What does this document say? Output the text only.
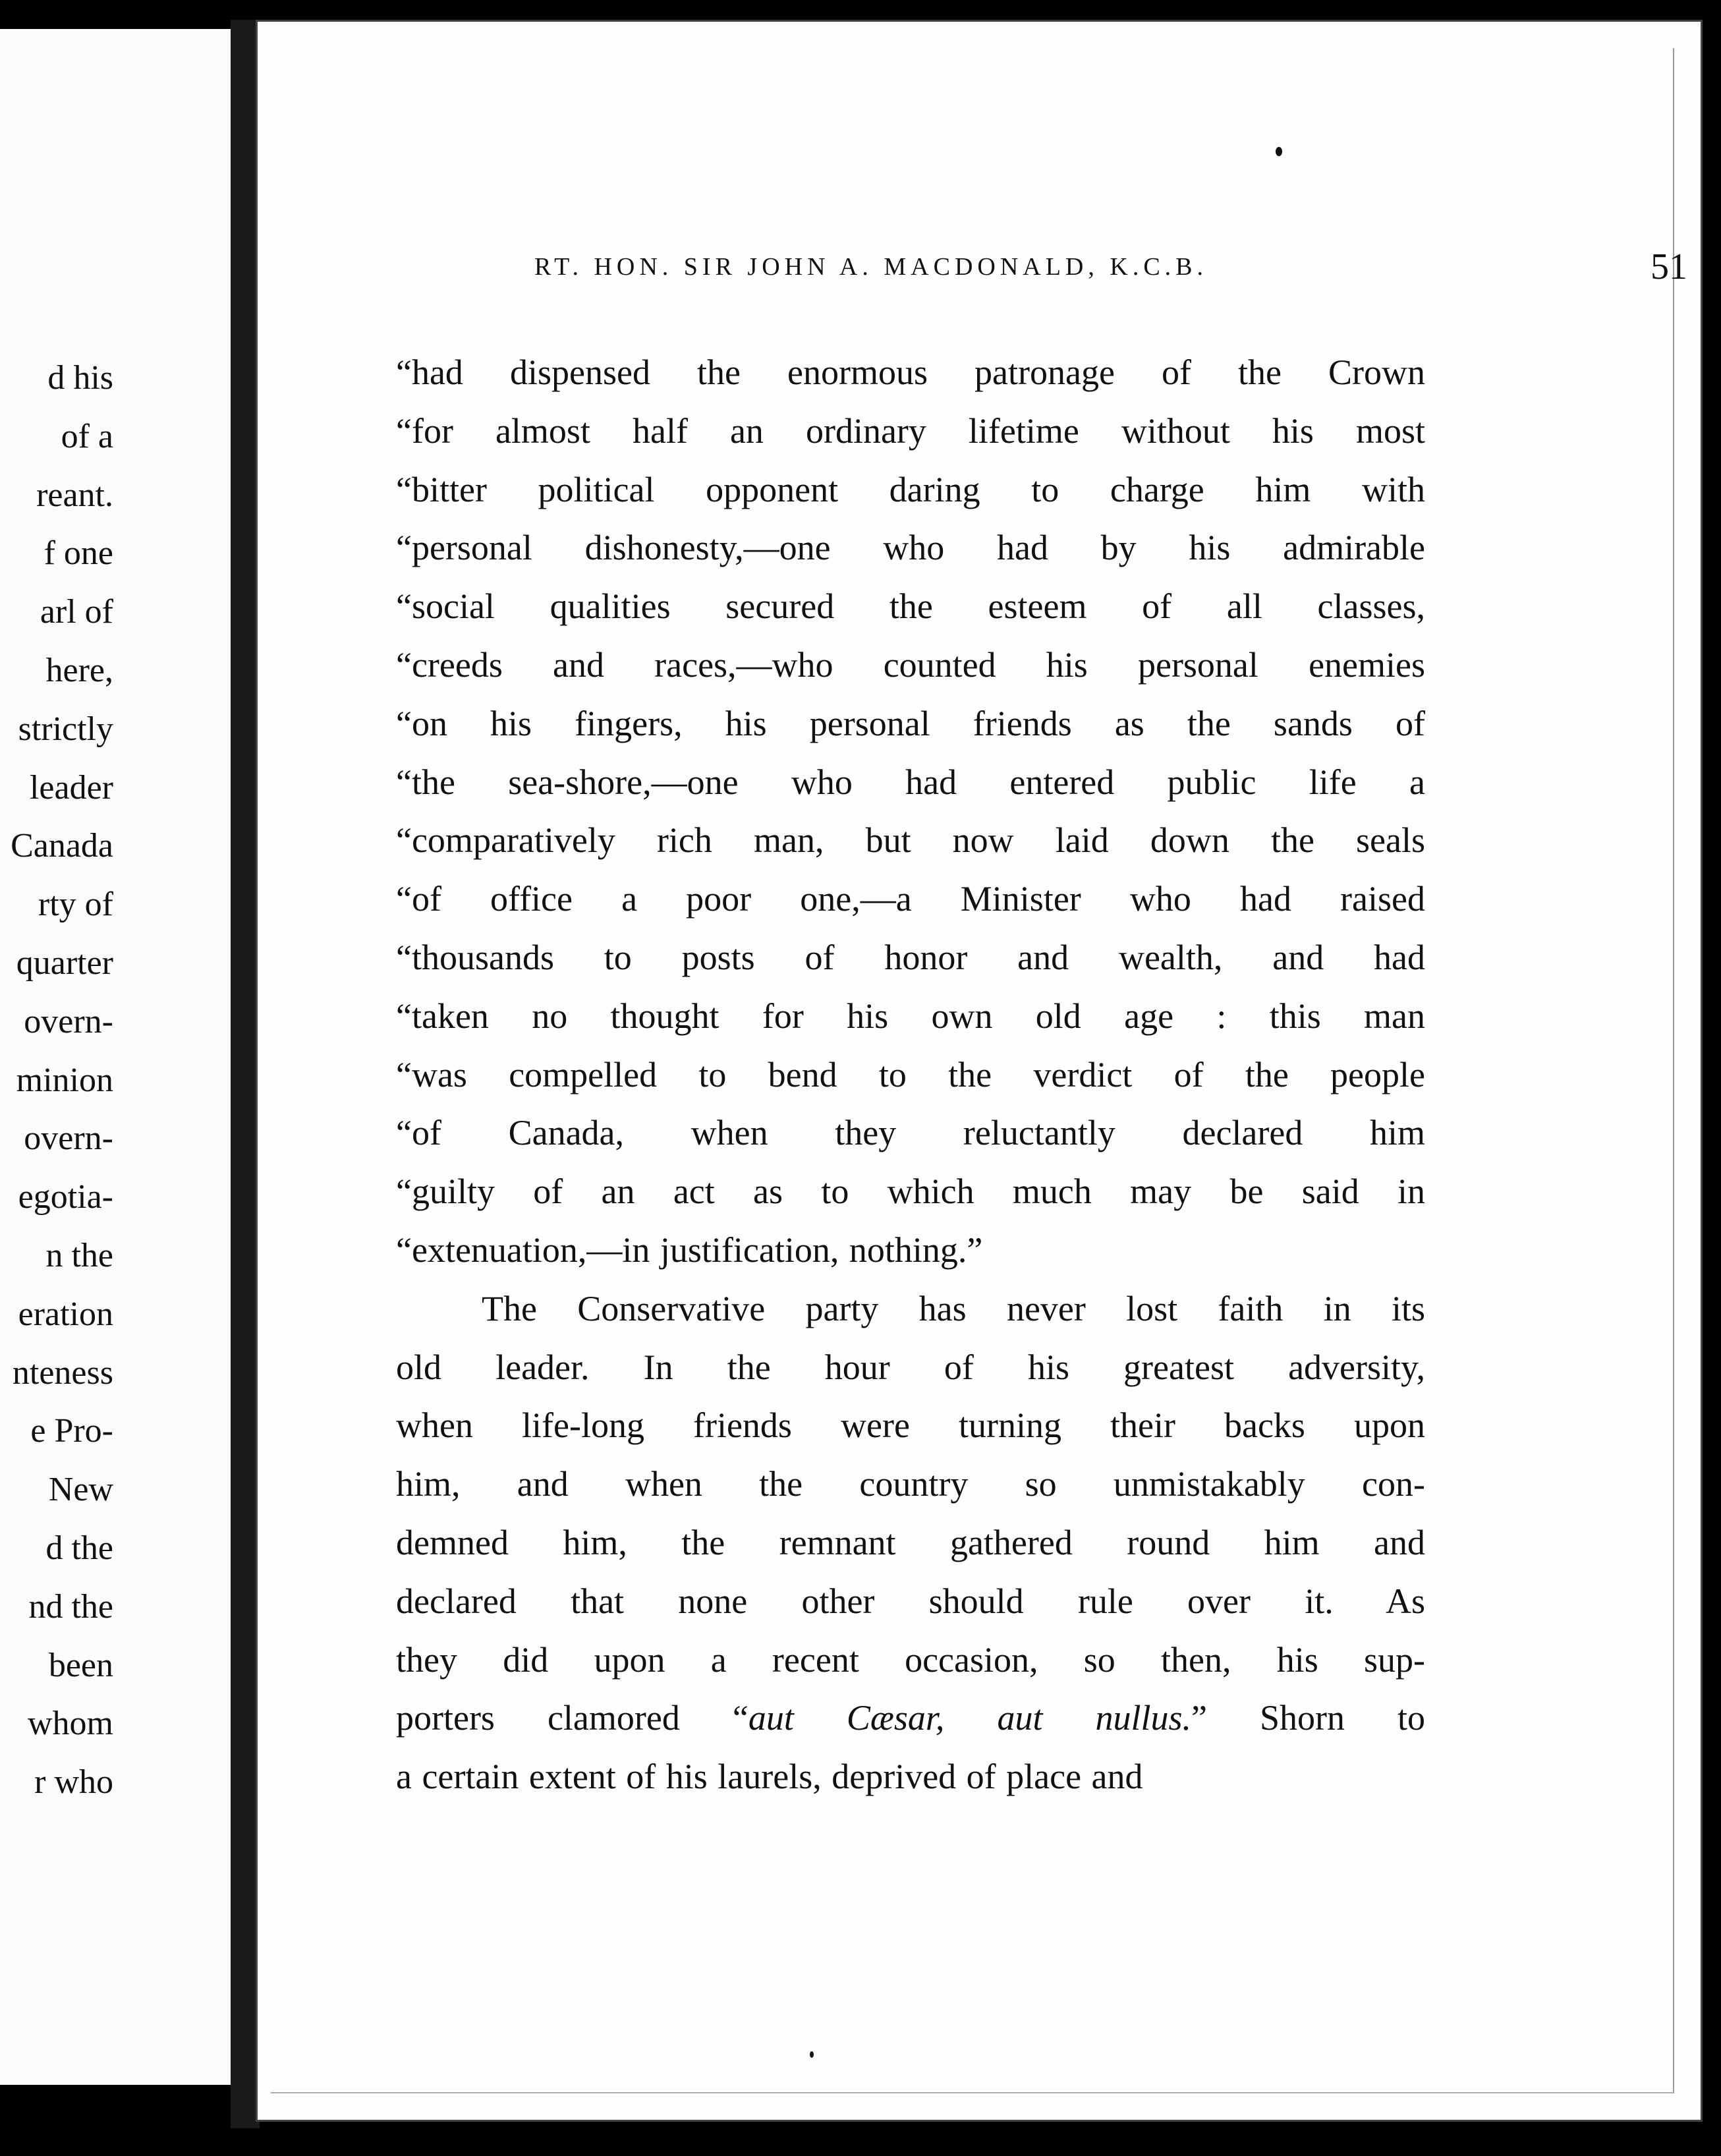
d his
of a
reant.
f one
arl of
here,
strictly
leader
Canada
rty of
quarter
overn-
minion
overn-
egotia-
n the
eration
nteness
e Pro-
New
d the
nd the
been
whom
r who
RT. HON. SIR JOHN A. MACDONALD, K.C.B.	51
“had dispensed the enormous patronage of the Crown
“for almost half an ordinary lifetime without his most
“bitter political opponent daring to charge him with
“personal dishonesty,—one who had by his admirable
“social qualities secured the esteem of all classes,
“creeds and races,—who counted his personal enemies
“on his fingers, his personal friends as the sands of
“the sea-shore,—one who had entered public life a
“comparatively rich man, but now laid down the seals
“of office a poor one,—a Minister who had raised
“thousands to posts of honor and wealth, and had
“taken no thought for his own old age : this man
“was compelled to bend to the verdict of the people
“of Canada, when they reluctantly declared him
“guilty of an act as to which much may be said in
“extenuation,—in justification, nothing.”
The Conservative party has never lost faith in its
old leader. In the hour of his greatest adversity,
when life-long friends were turning their backs upon
him, and when the country so unmistakably con-
demned him, the remnant gathered round him and
declared that none other should rule over it. As
they did upon a recent occasion, so then, his sup-
porters clamored “aut Cæsar, aut nullus.” Shorn to
a certain extent of his laurels, deprived of place and
